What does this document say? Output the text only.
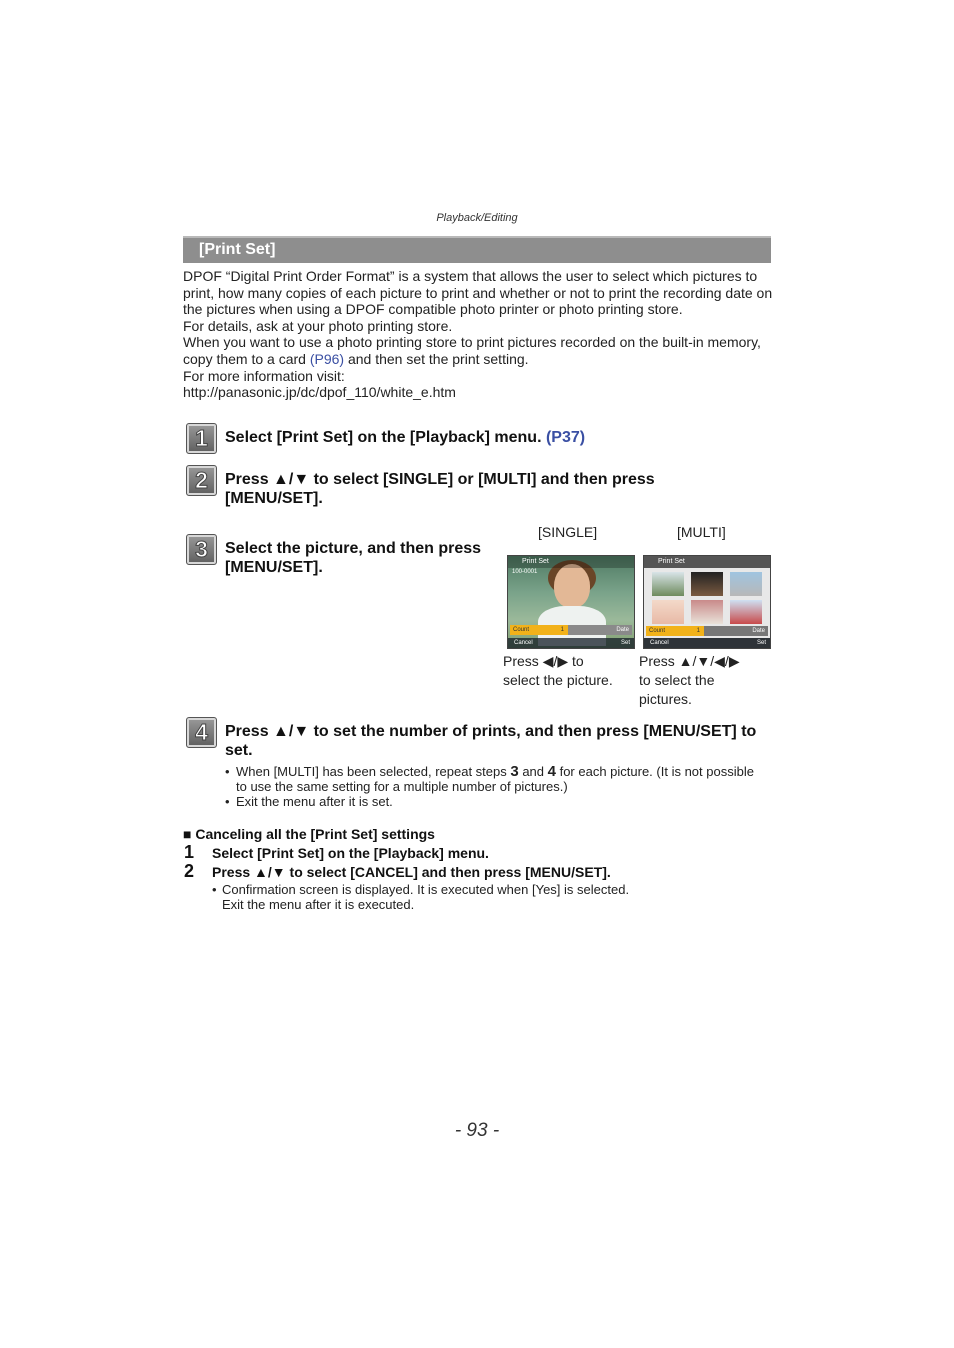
Playback/Editing
[Print Set]

DPOF “Digital Print Order Format” is a system that allows the user to select which pictures to print, how many copies of each picture to print and whether or not to print the recording date on the pictures when using a DPOF compatible photo printer or photo printing store.

For details, ask at your photo printing store.

When you want to use a photo printing store to print pictures recorded on the built-in memory, copy them to a card (P96) and then set the print setting.

For more information visit:

http://panasonic.jp/dc/dpof_110/white_e.htm

1	Select [Print Set] on the [Playback] menu. (P37)
2	Press ▲/▼ to select [SINGLE] or [MULTI] and then press [MENU/SET].
3	Select the picture, and then press [MENU/SET].
[SINGLE]	[MULTI]
Print Set
100-0001
Count	1	Date
Cancel	Set
Print Set
Count	1	Date
Cancel	Set
Press ◀/▶ to
select the picture.
Press ▲/▼/◀/▶
to select the
pictures.
4	Press ▲/▼ to set the number of prints, and then press [MENU/SET] to set.
• When [MULTI] has been selected, repeat steps 3 and 4 for each picture. (It is not possible to use the same setting for a multiple number of pictures.)
• Exit the menu after it is set.
■ Canceling all the [Print Set] settings
1 Select [Print Set] on the [Playback] menu.
2 Press ▲/▼ to select [CANCEL] and then press [MENU/SET].
• Confirmation screen is displayed. It is executed when [Yes] is selected.
Exit the menu after it is executed.
- 93 -
